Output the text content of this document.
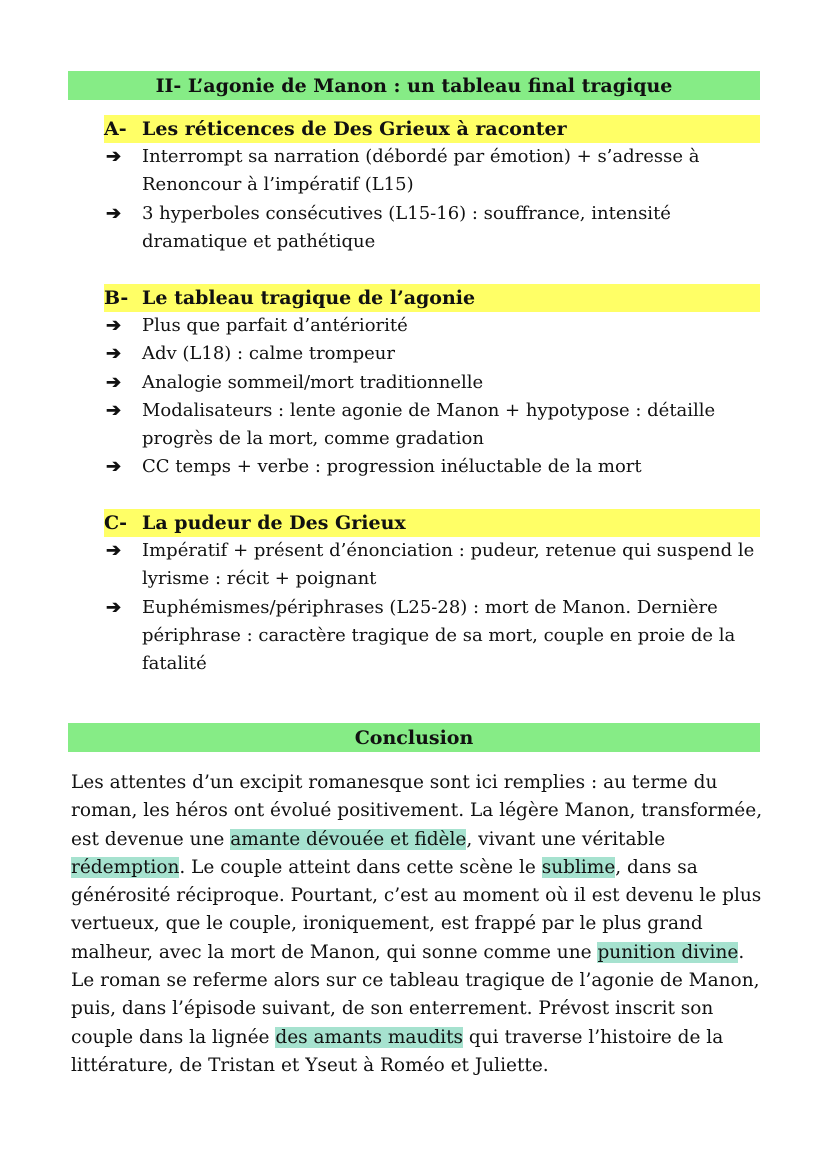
II- L’agonie de Manon : un tableau final tragique
A- Les réticences de Des Grieux à raconter
➔ Interrompt sa narration (débordé par émotion) + s’adresse à Renoncour à l’impératif (L15)
➔ 3 hyperboles consécutives (L15-16) : souffrance, intensité dramatique et pathétique
B- Le tableau tragique de l’agonie
➔ Plus que parfait d’antériorité
➔ Adv (L18) : calme trompeur
➔ Analogie sommeil/mort traditionnelle
➔ Modalisateurs : lente agonie de Manon + hypotypose : détaille progrès de la mort, comme gradation
➔ CC temps + verbe : progression inéluctable de la mort
C- La pudeur de Des Grieux
➔ Impératif + présent d’énonciation : pudeur, retenue qui suspend le lyrisme : récit + poignant
➔ Euphémismes/périphrases (L25-28) : mort de Manon. Dernière périphrase : caractère tragique de sa mort, couple en proie de la fatalité
Conclusion

Les attentes d’un excipit romanesque sont ici remplies : au terme du roman, les héros ont évolué positivement. La légère Manon, transformée, est devenue une amante dévouée et fidèle, vivant une véritable rédemption. Le couple atteint dans cette scène le sublime, dans sa générosité réciproque. Pourtant, c’est au moment où il est devenu le plus vertueux, que le couple, ironiquement, est frappé par le plus grand malheur, avec la mort de Manon, qui sonne comme une punition divine. Le roman se referme alors sur ce tableau tragique de l’agonie de Manon, puis, dans l’épisode suivant, de son enterrement. Prévost inscrit son couple dans la lignée des amants maudits qui traverse l’histoire de la littérature, de Tristan et Yseut à Roméo et Juliette.
